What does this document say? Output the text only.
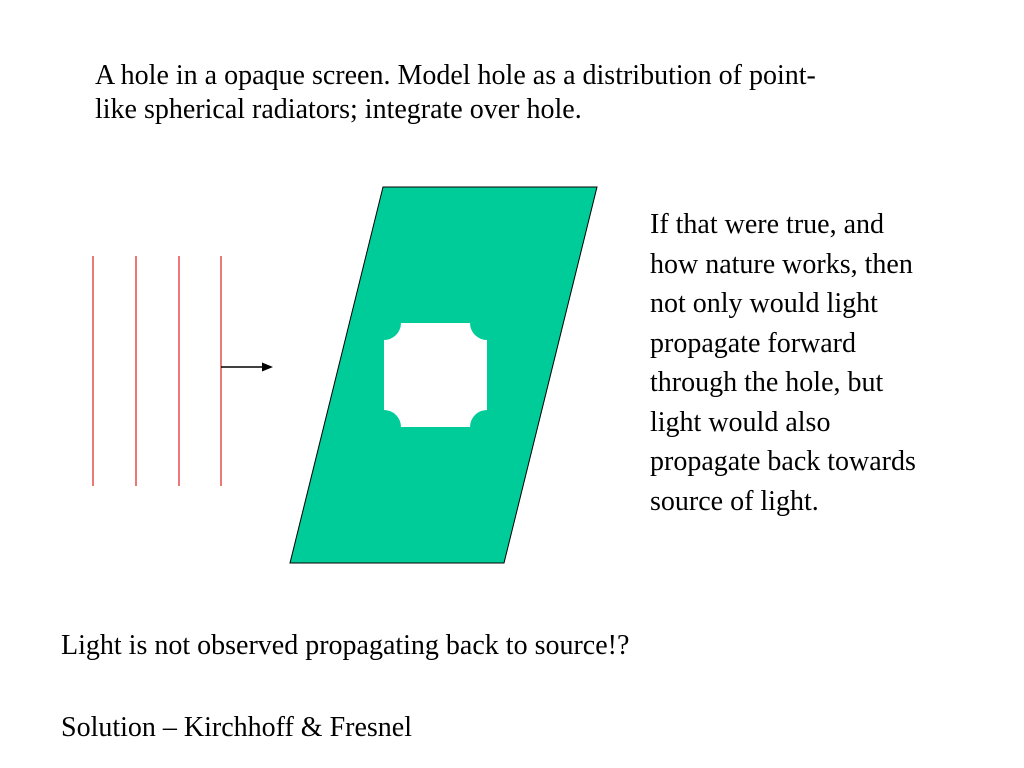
A hole in a opaque screen. Model hole as a distribution of point-
like spherical radiators; integrate over hole.

If that were true, and
how nature works, then
not only would light
propagate forward
through the hole, but
light would also
propagate back towards
source of light.

Light is not observed propagating back to source!?

Solution – Kirchhoff & Fresnel
